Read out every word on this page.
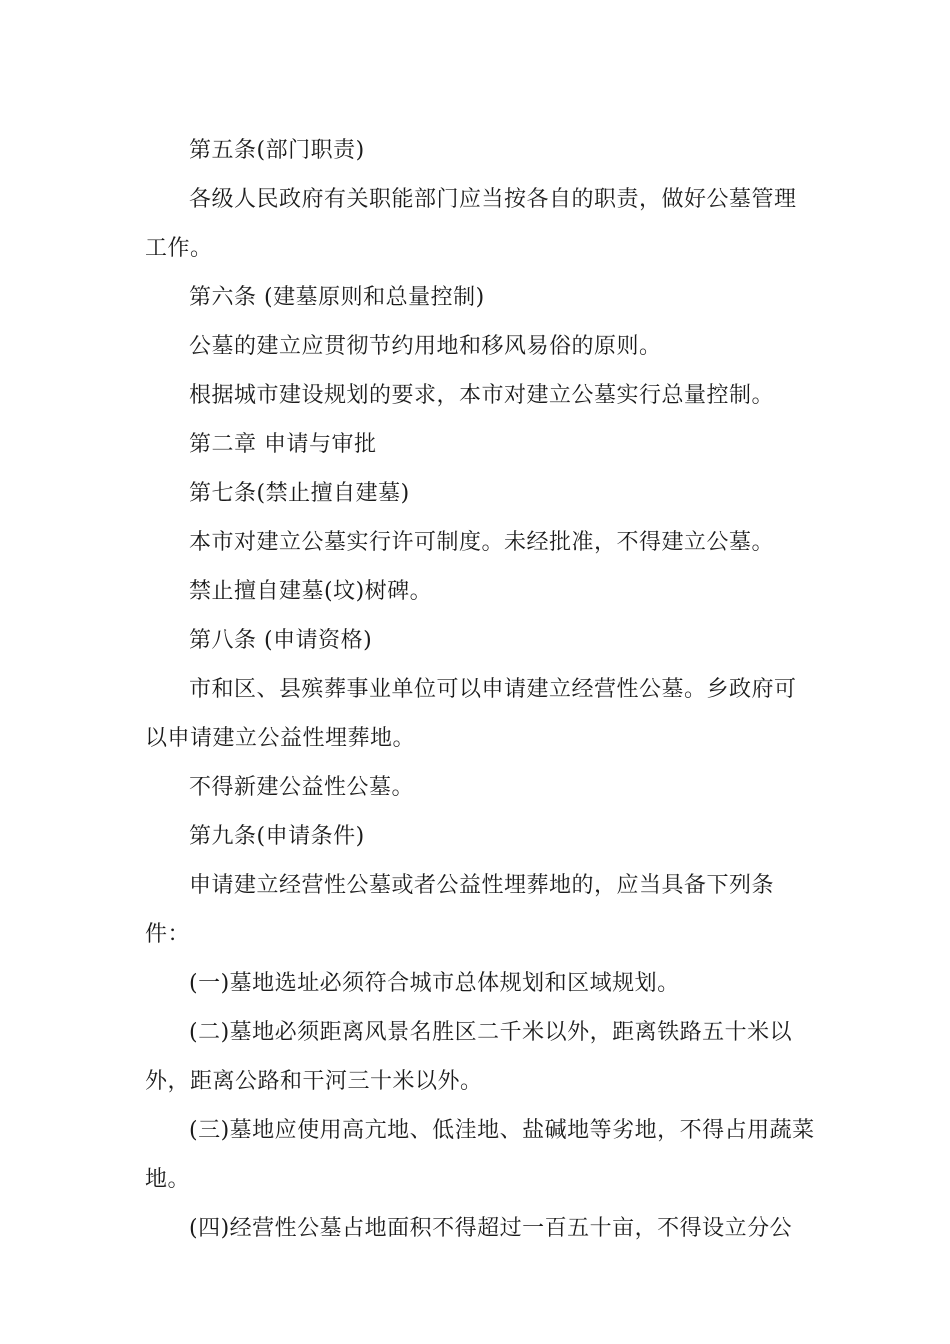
第五条(部门职责)

各级人民政府有关职能部门应当按各自的职责，做好公墓管理工作。

第六条 (建墓原则和总量控制)

公墓的建立应贯彻节约用地和移风易俗的原则。

根据城市建设规划的要求，本市对建立公墓实行总量控制。

第二章 申请与审批

第七条(禁止擅自建墓)

本市对建立公墓实行许可制度。未经批准，不得建立公墓。

禁止擅自建墓(坟)树碑。

第八条 (申请资格)

市和区、县殡葬事业单位可以申请建立经营性公墓。乡政府可以申请建立公益性埋葬地。

不得新建公益性公墓。

第九条(申请条件)

申请建立经营性公墓或者公益性埋葬地的，应当具备下列条件：

(一)墓地选址必须符合城市总体规划和区域规划。

(二)墓地必须距离风景名胜区二千米以外，距离铁路五十米以外，距离公路和干河三十米以外。

(三)墓地应使用高亢地、低洼地、盐碱地等劣地，不得占用蔬菜地。

(四)经营性公墓占地面积不得超过一百五十亩，不得设立分公
